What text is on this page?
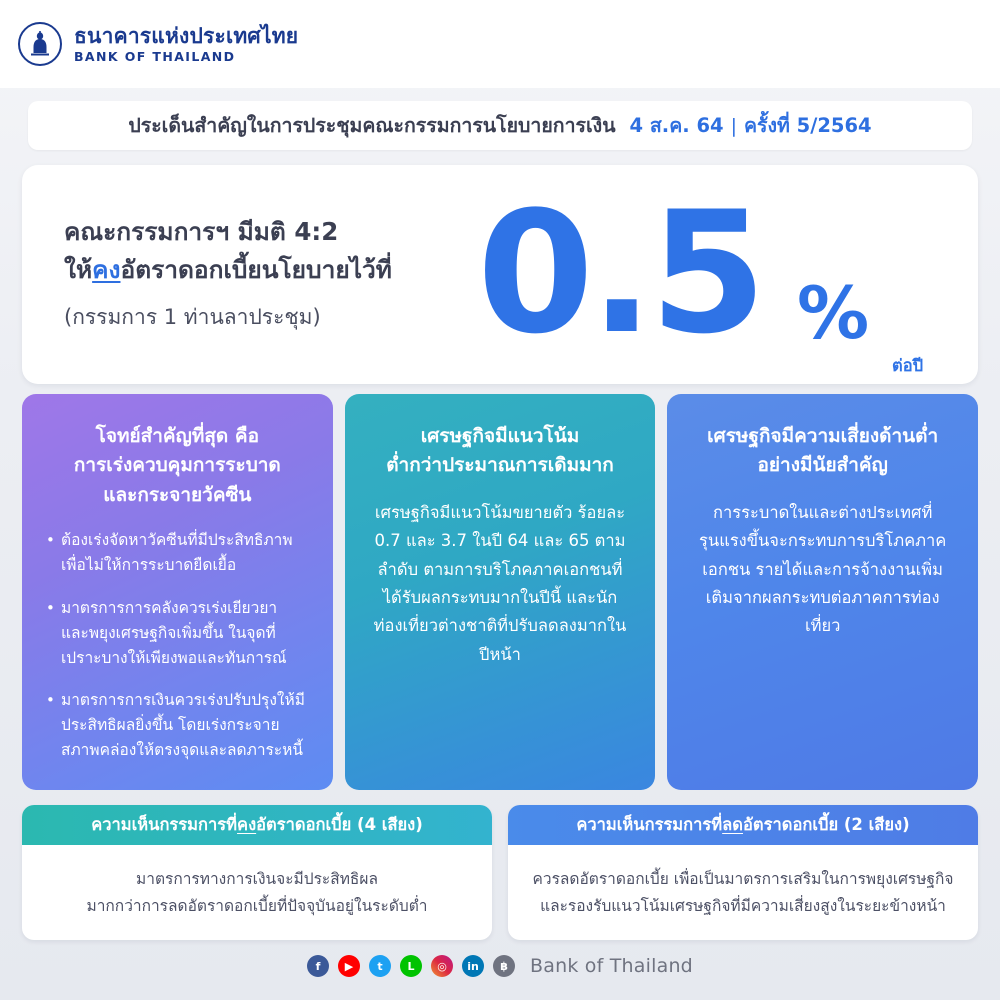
ธนาคารแห่งประเทศไทย
BANK OF THAILAND
ประเด็นสำคัญในการประชุมคณะกรรมการนโยบายการเงิน 4 ส.ค. 64 | ครั้งที่ 5/2564
คณะกรรมการฯ มีมติ 4:2
ให้คงอัตราดอกเบี้ยนโยบายไว้ที่
(กรรมการ 1 ท่านลาประชุม) 0.5 %
ต่อปี
โจทย์สำคัญที่สุด คือ
การเร่งควบคุมการระบาด
และกระจายวัคซีน
• ต้องเร่งจัดหาวัคซีนที่มีประสิทธิภาพ เพื่อไม่ให้การระบาดยืดเยื้อ
• มาตรการการคลังควรเร่งเยียวยา และพยุงเศรษฐกิจเพิ่มขึ้น ในจุดที่เปราะบางให้เพียงพอและทันการณ์
• มาตรการการเงินควรเร่งปรับปรุงให้มีประสิทธิผลยิ่งขึ้น โดยเร่งกระจายสภาพคล่องให้ตรงจุดและลดภาระหนี้
เศรษฐกิจมีแนวโน้ม
ต่ำกว่าประมาณการเดิมมาก
เศรษฐกิจมีแนวโน้มขยายตัว ร้อยละ 0.7 และ 3.7 ในปี 64 และ 65 ตามลำดับ ตามการบริโภคภาคเอกชนที่ได้รับผลกระทบมากในปีนี้ และนักท่องเที่ยวต่างชาติที่ปรับลดลงมากในปีหน้า
เศรษฐกิจมีความเสี่ยงด้านต่ำ
อย่างมีนัยสำคัญ
การระบาดในและต่างประเทศที่รุนแรงขึ้นจะกระทบการบริโภคภาคเอกชน รายได้และการจ้างงานเพิ่มเติมจากผลกระทบต่อภาคการท่องเที่ยว
ความเห็นกรรมการที่ คง อัตราดอกเบี้ย (4 เสียง)
มาตรการทางการเงินจะมีประสิทธิผล
มากกว่าการลดอัตราดอกเบี้ยที่ปัจจุบันอยู่ในระดับต่ำ
ความเห็นกรรมการที่ ลด อัตราดอกเบี้ย (2 เสียง)
ควรลดอัตราดอกเบี้ย เพื่อเป็นมาตรการเสริมในการพยุงเศรษฐกิจ
และรองรับแนวโน้มเศรษฐกิจที่มีความเสี่ยงสูงในระยะข้างหน้า
f	▶	t	L	◎	in	฿	Bank of Thailand
